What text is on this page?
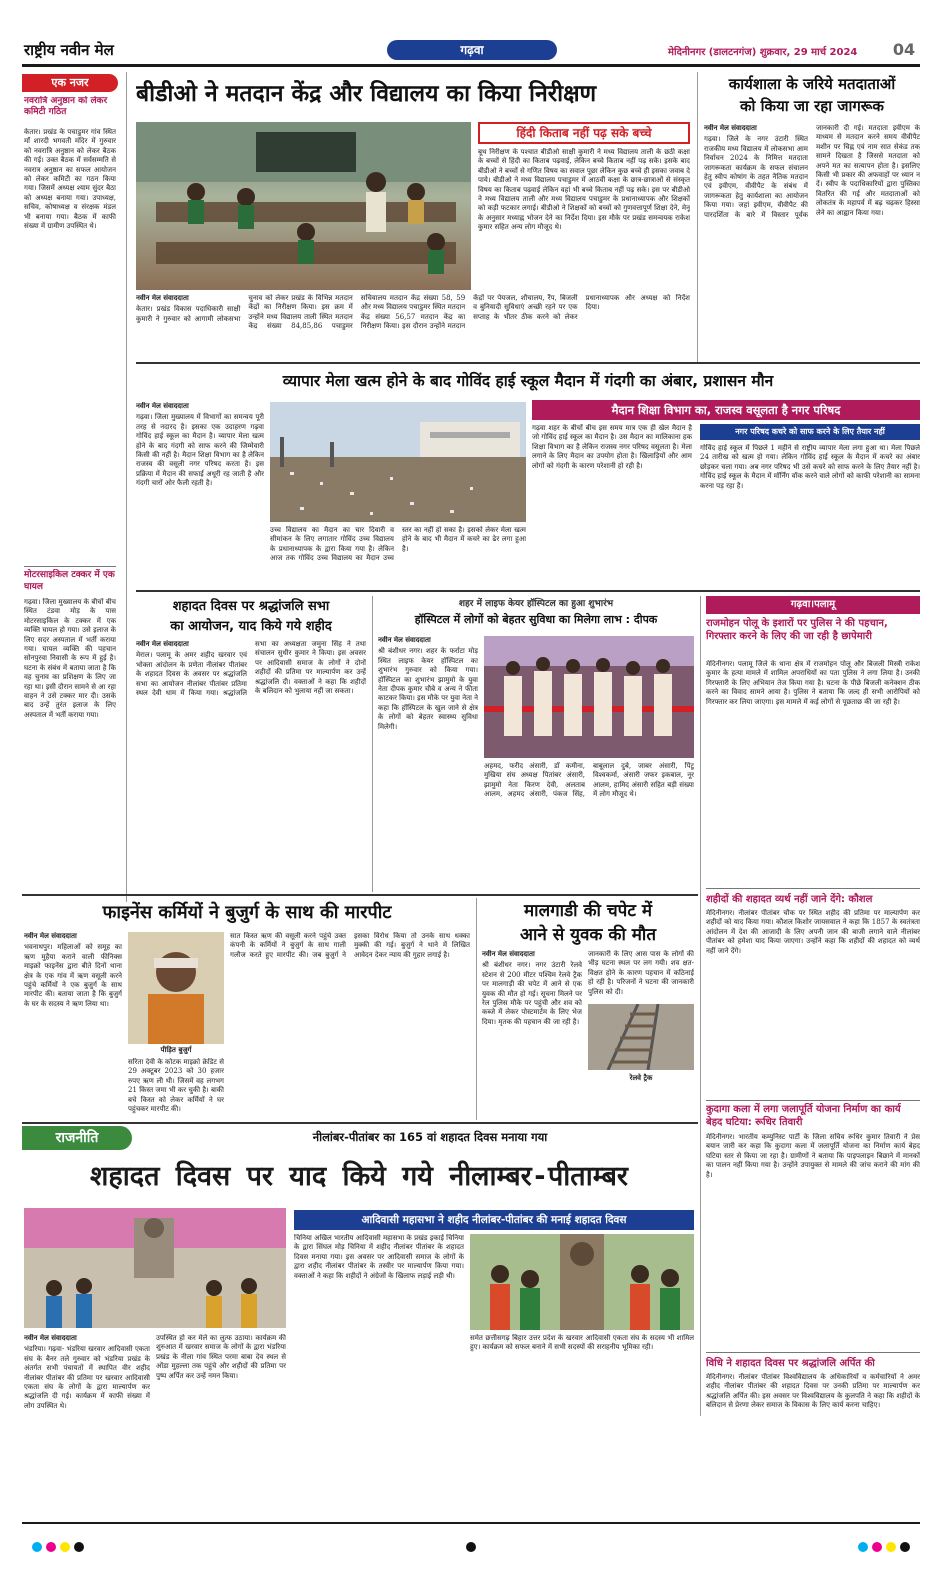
राष्ट्रीय नवीन मेल	गढ़वा	मेदिनीनगर (डालटनगंज) शुक्रवार, 29 मार्च 2024 04
एक नजर
नवरात्रि अनुष्ठान को लेकर कमिटी गठित
केतार। प्रखंड के पचाडुमर गांव स्थित माँ शारदी भगवती मंदिर में गुरुवार को नवरात्रि अनुष्ठान को लेकर बैठक की गई। उक्त बैठक में सर्वसम्मति से नवरात्र अनुष्ठान का सफल आयोजन को लेकर कमिटी का गठन किया गया। जिसमें अध्यक्ष श्याम सुंदर बैठा को अध्यक्ष बनाया गया। उपाध्यक्ष, सचिव, कोषाध्यक्ष व संरक्षक मंडल भी बनाया गया। बैठक में काफी संख्या में ग्रामीण उपस्थित थे।
मोटरसाइकिल टक्कर में एक घायल
गढ़वा। जिला मुख्यालय के बीचों बीच स्थित टंडवा मोड़ के पास मोटरसाइकिल के टक्कर में एक व्यक्ति घायल हो गया। उसे इलाज के लिए सदर अस्पताल में भर्ती कराया गया। घायल व्यक्ति की पहचान सोनपुरवा निवासी के रूप में हुई है। घटना के संबंध में बताया जाता है कि वह चुनाव का प्रशिक्षण के लिए जा रहा था। इसी दौरान सामने से आ रहा वाहन ने उसे टक्कर मार दी। उसके बाद उन्हें तुरंत इलाज के लिए अस्पताल में भर्ती कराया गया।
बीडीओ ने मतदान केंद्र और विद्यालय का किया निरीक्षण
हिंदी किताब नहीं पढ़ सके बच्चे
बूथ निरीक्षण के पश्चात बीडीओ साक्षी कुमारी ने मध्य विद्यालय ताली के छठी कक्षा के बच्चों से हिंदी का किताब पढ़वाई, लेकिन बच्चे किताब नहीं पढ़ सके। इसके बाद बीडीओ ने बच्चों से गणित विषय का सवाल पूछा लेकिन कुछ बच्चे ही इसका जवाब दे पाये। बीडीओ ने मध्य विद्यालय पचाडुमर में आठवीं कक्षा के छात्र-छात्राओं से संस्कृत विषय का किताब पढ़वाई लेकिन वहां भी बच्चे किताब नहीं पढ़ सके। इस पर बीडीओ ने मध्य विद्यालय ताली और मध्य विद्यालय पचाडुमर के प्रधानाध्यापक और शिक्षकों को कड़ी फटकार लगाई। बीडीओ ने शिक्षकों को बच्चों को गुणवत्तापूर्ण शिक्षा देने, मेनू के अनुसार मध्याह्न भोजन देने का निर्देश दिया। इस मौके पर प्रखंड समन्वयक राकेश कुमार सहित अन्य लोग मौजूद थे।
नवीन मेल संवाददाता
केतार। प्रखंड विकास पदाधिकारी साक्षी कुमारी ने गुरुवार को आगामी लोकसभा चुनाव को लेकर प्रखंड के विभिन्न मतदान केंद्रों का निरीक्षण किया। इस क्रम में उन्होंने मध्य विद्यालय ताली स्थित मतदान केंद्र संख्या 84,85,86 पचाडुमर सचिवालय मतदान केंद्र संख्या 58, 59 और मध्य विद्यालय पचाडुमर स्थित मतदान केंद्र संख्या 56,57 मतदान केंद्र का निरीक्षण किया। इस दौरान उन्होंने मतदान केंद्रों पर पेयजल, शौचालय, रैंप, बिजली व बुनियादी सुविधाएं अच्छी रहने पर एक सप्ताह के भीतर ठीक करने को लेकर प्रधानाध्यापक और अध्यक्ष को निर्देश दिया।
कार्यशाला के जरिये मतदाताओं
को किया जा रहा जागरूक
नवीन मेल संवाददाता
गढ़वा। जिले के नगर उंटारी स्थित राजकीय मध्य विद्यालय में लोकसभा आम निर्वाचन 2024 के निमित्त मतदाता जागरूकता कार्यक्रम के सफल संचालन हेतु स्वीप कोषांग के तहत नैतिक मतदान एवं इवीएम, वीवीपैट के संबंध में जागरूकता हेतु कार्यशाला का आयोजन किया गया। जहां इवीएम, वीवीपैट की पारदर्शिता के बारे में विस्तार पूर्वक जानकारी दी गई। मतदाता इवीएम के माध्यम से मतदान करने समय वीवीपैट मशीन पर चिह्न एवं नाम सात सेकंड तक सामने दिखता है जिससे मतदाता को अपने मत का सत्यापन होता है। इसलिए किसी भी प्रकार की अफवाहों पर ध्यान न दें। स्वीप के पदाधिकारियों द्वारा पुस्तिका वितरित की गई और मतदाताओं को लोकतंत्र के महापर्व में बढ़ चढ़कर हिस्सा लेने का आह्वान किया गया।
व्यापार मेला खत्म होने के बाद गोविंद हाई स्कूल मैदान में गंदगी का अंबार, प्रशासन मौन
नवीन मेल संवाददाता
गढ़वा। जिला मुख्यालय में विभागों का समन्वय पूरी तरह से नदारद है। इसका एक उदाहरण गढ़वा गोविंद हाई स्कूल का मैदान है। व्यापार मेला खत्म होने के बाद गंदगी को साफ करने की जिम्मेवारी किसी की नहीं है। मैदान शिक्षा विभाग का है लेकिन राजस्व की वसूली नगर परिषद करता है। इस प्रक्रिया में मैदान की सफाई अधूरी रह जाती है और गंदगी चारों ओर फैली रहती है।
उच्च विद्यालय का मैदान का चार दिवारी व सीमांकन के लिए लगातार गोविंद उच्च विद्यालय के प्रधानाध्यापक के द्वारा किया गया है। लेकिन आज तक गोविंद उच्च विद्यालय का मैदान उच्च स्तर का नहीं हो सका है। इसको लेकर मेला खत्म होने के बाद भी मैदान में कचरे का ढेर लगा हुआ है।
मैदान शिक्षा विभाग का, राजस्व वसूलता है नगर परिषद
गढ़वा शहर के बीचों बीच इस समय मात्र एक ही खेल मैदान है जो गोविंद हाई स्कूल का मैदान है। उस मैदान का मालिकाना हक शिक्षा विभाग का है लेकिन राजस्व नगर परिषद वसूलता है। मेला लगाने के लिए मैदान का उपयोग होता है। खिलाड़ियों और आम लोगों को गंदगी के कारण परेशानी हो रही है।
नगर परिषद कचरे को साफ करने के लिए तैयार नहीं
गोविंद हाई स्कूल में पिछले 1 महीने से राष्ट्रीय व्यापार मेला लगा हुआ था। मेला पिछले 24 तारीख को खत्म हो गया। लेकिन गोविंद हाई स्कूल के मैदान में कचरे का अंबार छोड़कर चला गया। अब नगर परिषद भी उसे कचरे को साफ करने के लिए तैयार नहीं है। गोविंद हाई स्कूल के मैदान में मॉर्निंग वॉक करने वाले लोगों को काफी परेशानी का सामना करना पड़ रहा है।
शहादत दिवस पर श्रद्धांजलि सभा
का आयोजन, याद किये गये शहीद
नवीन मेल संवाददाता
मेराल। पलामू के अमर शहीद खरवार एवं भोक्ता आंदोलन के प्रणेता नीलांबर पीतांबर के शहादत दिवस के अवसर पर श्रद्धांजलि सभा का आयोजन नीलांबर पीतांबर प्रतिमा स्थल देवी धाम में किया गया। श्रद्धांजलि सभा का अध्यक्षता जमुना सिंह ने तथा संचालन सुधीर कुमार ने किया। इस अवसर पर आदिवासी समाज के लोगों ने दोनों शहीदों की प्रतिमा पर माल्यार्पण कर उन्हें श्रद्धांजलि दी। वक्ताओं ने कहा कि शहीदों के बलिदान को भुलाया नहीं जा सकता।
शहर में लाइफ केयर हॉस्पिटल का हुआ शुभारंभ
हॉस्पिटल में लोगों को बेहतर सुविधा का मिलेगा लाभ : दीपक
नवीन मेल संवाददाता
श्री बंशीधर नगर। शहर के फर्राटा मोड़ स्थित लाइफ केयर हॉस्पिटल का शुभारंभ गुरुवार को किया गया। हॉस्पिटल का शुभारंभ झामुमो के युवा नेता दीपक कुमार चौबे व अन्य ने फीता काटकर किया। इस मौके पर युवा नेता ने कहा कि हॉस्पिटल के खुल जाने से क्षेत्र के लोगों को बेहतर स्वास्थ्य सुविधा मिलेगी।
अहमद, फरीद अंसारी, डॉ कमीना, मुखिया संघ अध्यक्ष पितांबर अंसारी, झामुमो नेता किरण देवी, अलताब आलम, अहमद अंसारी, पंकज सिंह, बाबूलाल दुबे, जाबर अंसारी, पिंटू विश्वकर्मा, अंसारी जफर इकबाल, नूर आलम, हामिद अंसारी सहित बड़ी संख्या में लोग मौजूद थे।
गढ़वा।पलामू
राजमोहन पोलू के इशारों पर पुलिस ने की पहचान, गिरफ्तार करने के लिए की जा रही है छापेमारी
मेदिनीनगर। पलामू जिले के थाना क्षेत्र में राजमोहन पोलू और बिजली मिस्त्री राकेश कुमार के हत्या मामले में शामिल अपराधियों का पता पुलिस ने लगा लिया है। उनकी गिरफ्तारी के लिए अभियान तेज किया गया है। घटना के पीछे बिजली कनेक्शन ठीक करने का विवाद सामने आया है। पुलिस ने बताया कि जल्द ही सभी आरोपियों को गिरफ्तार कर लिया जाएगा। इस मामले में कई लोगों से पूछताछ की जा रही है।
शहीदों की शहादत व्यर्थ नहीं जाने देंगे: कौशल
मेदिनीनगर। नीलांबर पीतांबर चौक पर स्थित शहीद की प्रतिमा पर माल्यार्पण कर शहीदों को याद किया गया। कौशल किशोर जायसवाल ने कहा कि 1857 के स्वतंत्रता आंदोलन में देश की आजादी के लिए अपनी जान की बाजी लगाने वाले नीलांबर पीतांबर को हमेशा याद किया जाएगा। उन्होंने कहा कि शहीदों की शहादत को व्यर्थ नहीं जाने देंगे।
कुदागा कला में लगा जलापूर्ति योजना निर्माण का कार्य बेहद घटिया: रूधिर तिवारी
मेदिनीनगर। भारतीय कम्युनिस्ट पार्टी के जिला सचिव रूधिर कुमार तिवारी ने प्रेस बयान जारी कर कहा कि कुदागा कला में जलापूर्ति योजना का निर्माण कार्य बेहद घटिया स्तर से किया जा रहा है। ग्रामीणों ने बताया कि पाइपलाइन बिछाने में मानकों का पालन नहीं किया गया है। उन्होंने उपायुक्त से मामले की जांच कराने की मांग की है।
विधि ने शहादत दिवस पर श्रद्धांजलि अर्पित की
मेदिनीनगर। नीलांबर पीतांबर विश्वविद्यालय के अधिकारियों व कर्मचारियों ने अमर शहीद नीलांबर पीतांबर की शहादत दिवस पर उनकी प्रतिमा पर माल्यार्पण कर श्रद्धांजलि अर्पित की। इस अवसर पर विश्वविद्यालय के कुलपति ने कहा कि शहीदों के बलिदान से प्रेरणा लेकर समाज के विकास के लिए कार्य करना चाहिए।
फाइनेंस कर्मियों ने बुजुर्ग के साथ की मारपीट
नवीन मेल संवाददाता
भवनाथपुर। महिलाओं को समूह का ऋण मुहैया कराने वाली फीनिक्स माइक्रो फाइनेंस द्वारा बीते दिनों थाना क्षेत्र के एक गांव में ऋण वसूली करने पहुंचे कर्मियों ने एक बुजुर्ग के साथ मारपीट की। बताया जाता है कि बुजुर्ग के घर के सदस्य ने ऋण लिया था।
पीड़ित बुजुर्ग
सरिता देवी के कोटक माइक्रो क्रेडिट से 29 अक्टूबर 2023 को 30 हजार रुपए ऋण ली थी। जिसमें वह लगभग 21 किस्त जमा भी कर चुकी है। बाकी बचे किस्त को लेकर कर्मियों ने घर पहुंचकर मारपीट की।
सात किस्त ऋण की वसूली करने पहुंचे उक्त कंपनी के कर्मियों ने बुजुर्ग के साथ गाली गलौज करते हुए मारपीट की। जब बुजुर्ग ने इसका विरोध किया तो उनके साथ धक्का मुक्की की गई। बुजुर्ग ने थाने में लिखित आवेदन देकर न्याय की गुहार लगाई है।
मालगाडी की चपेट में
आने से युवक की मौत
नवीन मेल संवाददाता
श्री बंशीधर नगर। नगर उंटारी रेलवे स्टेशन से 200 मीटर पश्चिम रेलवे ट्रैक पर मालगाड़ी की चपेट में आने से एक युवक की मौत हो गई। सूचना मिलने पर रेल पुलिस मौके पर पहुंची और शव को कब्जे में लेकर पोस्टमार्टम के लिए भेज दिया। मृतक की पहचान की जा रही है।
जानकारी के लिए आस पास के लोगों की भीड़ घटना स्थल पर लग गयी। शव क्षत-विक्षत होने के कारण पहचान में कठिनाई हो रही है। परिजनों ने घटना की जानकारी पुलिस को दी।
रेलवे ट्रैक
राजनीति	नीलांबर-पीतांबर का 165 वां शहादत दिवस मनाया गया
शहादत दिवस पर याद किये गये नीलाम्बर-पीताम्बर
नवीन मेल संवाददाता
भंडरिया। गढ़वा- भंडरिया खरवार आदिवासी एकता संघ के बैनर तले गुरुवार को भंडरिया प्रखंड के अंतर्गत सभी पंचायतों में स्थापित वीर शहीद नीलांबर पीतांबर की प्रतिमा पर खरवार आदिवासी एकता संघ के लोगों के द्वारा माल्यार्पण कर श्रद्धांजलि दी गई। कार्यक्रम में काफी संख्या में लोग उपस्थित थे।
उपस्थित हो कर मेले का लुत्फ उठाया। कार्यक्रम की शुरुआत में खरवार समाज के लोगों के द्वारा भंडरिया प्रखंड के नीला गांव स्थित परमा बाबा देव स्थल से ओंडा मुहल्ला तक पहुंचे और शहीदों की प्रतिमा पर पुष्प अर्पित कर उन्हें नमन किया।
आदिवासी महासभा ने शहीद नीलांबर-पीतांबर की मनाई शहादत दिवस
चिनिया अखिल भारतीय आदिवासी महासभा के प्रखंड इकाई चिनिया के द्वारा सिंघल मोड़ चिनिया में शहीद नीलांबर पीतांबर के शहादत दिवस मनाया गया। इस अवसर पर आदिवासी समाज के लोगों के द्वारा शहीद नीलांबर पीतांबर के तस्वीर पर माल्यार्पण किया गया। वक्ताओं ने कहा कि शहीदों ने अंग्रेजों के खिलाफ लड़ाई लड़ी थी।
समेत छत्तीसगढ़ बिहार उत्तर प्रदेश के खरवार आदिवासी एकता संघ के सदस्य भी शामिल हुए। कार्यक्रम को सफल बनाने में सभी सदस्यों की सराहनीय भूमिका रही।
